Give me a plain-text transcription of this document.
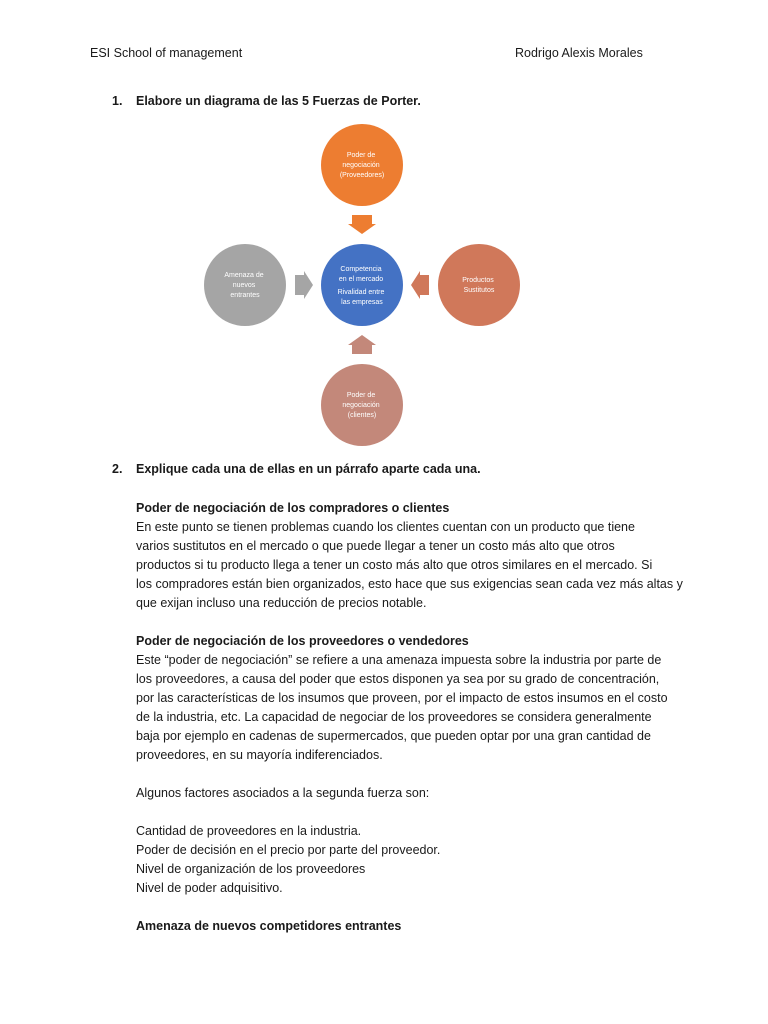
ESI School of management	Rodrigo Alexis Morales
1. Elabore un diagrama de las 5 Fuerzas de Porter.
Poder de negociación (Proveedores)
Competencia en el mercado Rivalidad entre las empresas
Amenaza de nuevos entrantes
Productos Sustitutos
Poder de negociación (clientes)
2. Explique cada una de ellas en un párrafo aparte cada una.

Poder de negociación de los compradores o clientes

En este punto se tienen problemas cuando los clientes cuentan con un producto que tiene

varios sustitutos en el mercado o que puede llegar a tener un costo más alto que otros

productos si tu producto llega a tener un costo más alto que otros similares en el mercado. Si

los compradores están bien organizados, esto hace que sus exigencias sean cada vez más altas y

que exijan incluso una reducción de precios notable.

Poder de negociación de los proveedores o vendedores

Este “poder de negociación” se refiere a una amenaza impuesta sobre la industria por parte de

los proveedores, a causa del poder que estos disponen ya sea por su grado de concentración,

por las características de los insumos que proveen, por el impacto de estos insumos en el costo

de la industria, etc. La capacidad de negociar de los proveedores se considera generalmente

baja por ejemplo en cadenas de supermercados, que pueden optar por una gran cantidad de

proveedores, en su mayoría indiferenciados.

Algunos factores asociados a la segunda fuerza son:

Cantidad de proveedores en la industria.

Poder de decisión en el precio por parte del proveedor.

Nivel de organización de los proveedores

Nivel de poder adquisitivo.

Amenaza de nuevos competidores entrantes
